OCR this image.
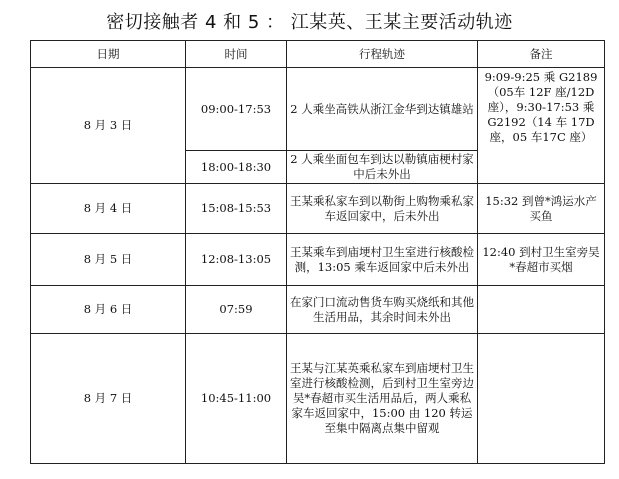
密切接触者 4 和 5 ： 江某英、王某主要活动轨迹
日期	时间	行程轨迹	备注
8 月 3 日	09:00-17:53	2 人乘坐高铁从浙江金华到达镇雄站	9:09-9:25 乘 G2189（05车 12F 座/12D 座），9:30-17:53 乘 G2192（14 车 17D 座，05 车17C 座）
	18:00-18:30	2 人乘坐面包车到达以勒镇庙梗村家中后未外出	
8 月 4 日	15:08-15:53	王某乘私家车到以勒街上购物乘私家车返回家中，后未外出	15:32 到曾*鸿运水产买鱼
8 月 5 日	12:08-13:05	王某乘车到庙埂村卫生室进行核酸检测，13:05 乘车返回家中后未外出	12:40 到村卫生室旁吴*春超市买烟
8 月 6 日	07:59	在家门口流动售货车购买烧纸和其他生活用品，其余时间未外出	
8 月 7 日	10:45-11:00	王某与江某英乘私家车到庙埂村卫生室进行核酸检测，后到村卫生室旁边吴*春超市买生活用品后，两人乘私家车返回家中，15:00 由 120 转运至集中隔离点集中留观	
